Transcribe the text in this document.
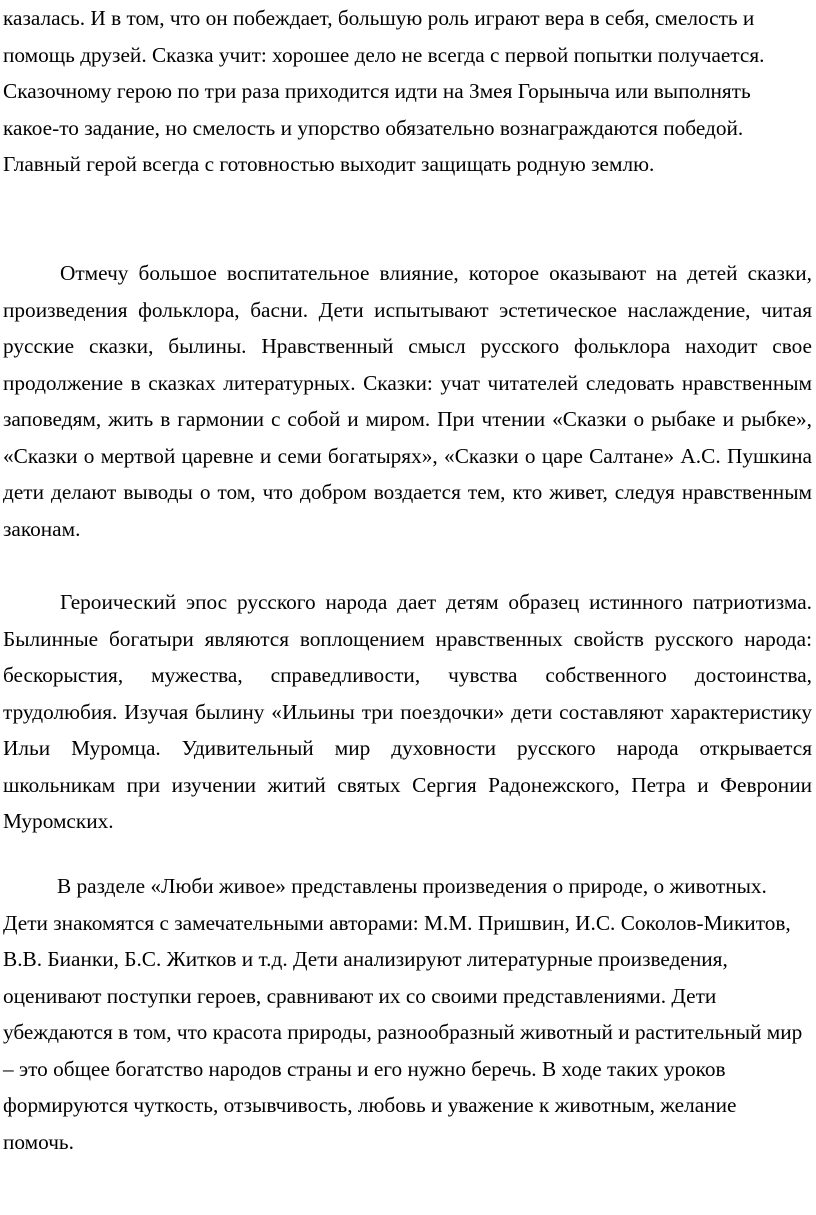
казалась. И в том, что он побеждает, большую роль играют вера в себя, смелость и помощь друзей. Сказка учит: хорошее дело не всегда с первой попытки получается. Сказочному герою по три раза приходится идти на Змея Горыныча или выполнять какое-то задание, но смелость и упорство обязательно вознаграждаются победой. Главный герой всегда с готовностью выходит защищать родную землю.

Отмечу большое воспитательное влияние, которое оказывают на детей сказки, произведения фольклора, басни. Дети испытывают эстетическое наслаждение, читая русские сказки, былины. Нравственный смысл русского фольклора находит свое продолжение в сказках литературных. Сказки: учат читателей следовать нравственным заповедям, жить в гармонии с собой и миром. При чтении «Сказки о рыбаке и рыбке», «Сказки о мертвой царевне и семи богатырях», «Сказки о царе Салтане» А.С. Пушкина дети делают выводы о том, что добром воздается тем, кто живет, следуя нравственным законам.

Героический эпос русского народа дает детям образец истинного патриотизма. Былинные богатыри являются воплощением нравственных свойств русского народа: бескорыстия, мужества, справедливости, чувства собственного достоинства, трудолюбия. Изучая былину «Ильины три поездочки» дети составляют характеристику Ильи Муромца. Удивительный мир духовности русского народа открывается школьникам при изучении житий святых Сергия Радонежского, Петра и Февронии Муромских.

В разделе «Люби живое» представлены произведения о природе, о животных. Дети знакомятся с замечательными авторами: М.М. Пришвин, И.С. Соколов-Микитов, В.В. Бианки, Б.С. Житков и т.д. Дети анализируют литературные произведения, оценивают поступки героев, сравнивают их со своими представлениями. Дети убеждаются в том, что красота природы, разнообразный животный и растительный мир – это общее богатство народов страны и его нужно беречь. В ходе таких уроков формируются чуткость, отзывчивость, любовь и уважение к животным, желание помочь.
